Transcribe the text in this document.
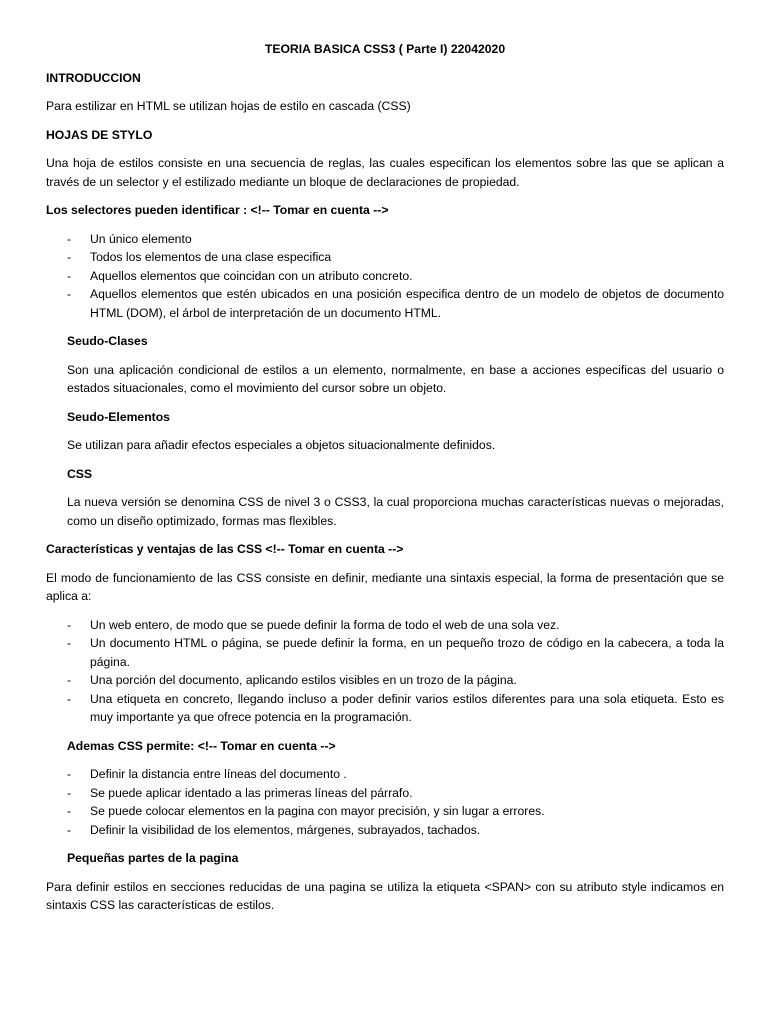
TEORIA BASICA CSS3 ( Parte I) 22042020
INTRODUCCION
Para estilizar en HTML se utilizan hojas de estilo en cascada (CSS)
HOJAS DE STYLO
Una hoja de estilos consiste en una secuencia de reglas, las cuales especifican los elementos sobre las que se aplican a través de un selector y el estilizado mediante un bloque de declaraciones de propiedad.
Los selectores pueden identificar : <!-- Tomar en cuenta -->
- Un único elemento
- Todos los elementos de una clase especifica
- Aquellos elementos que coincidan con un atributo concreto.
- Aquellos elementos que estén ubicados en una posición especifica dentro de un modelo de objetos de documento HTML (DOM), el árbol de interpretación de un documento HTML.
Seudo-Clases
Son una aplicación condicional de estilos a un elemento, normalmente, en base a acciones especificas del usuario o estados situacionales, como el movimiento del cursor sobre un objeto.
Seudo-Elementos
Se utilizan para añadir efectos especiales a objetos situacionalmente definidos.
CSS
La nueva versión se denomina CSS de nivel 3 o CSS3, la cual proporciona muchas características nuevas o mejoradas, como un diseño optimizado, formas mas flexibles.
Características y ventajas de las CSS <!-- Tomar en cuenta -->
El modo de funcionamiento de las CSS consiste en definir, mediante una sintaxis especial, la forma de presentación que se aplica a:
- Un web entero, de modo que se puede definir la forma de todo el web de una sola vez.
- Un documento HTML o página, se puede definir la forma, en un pequeño trozo de código en la cabecera, a toda la página.
- Una porción del documento, aplicando estilos visibles en un trozo de la página.
- Una etiqueta en concreto, llegando incluso a poder definir varios estilos diferentes para una sola etiqueta. Esto es muy importante ya que ofrece potencia en la programación.
Ademas CSS permite: <!-- Tomar en cuenta -->
- Definir la distancia entre líneas del documento .
- Se puede aplicar identado a las primeras líneas del párrafo.
- Se puede colocar elementos en la pagina con mayor precisión, y sin lugar a errores.
- Definir la visibilidad de los elementos, márgenes, subrayados, tachados.
Pequeñas partes de la pagina
Para definir estilos en secciones reducidas de una pagina se utiliza la etiqueta <SPAN> con su atributo style indicamos en sintaxis CSS las características de estilos.
